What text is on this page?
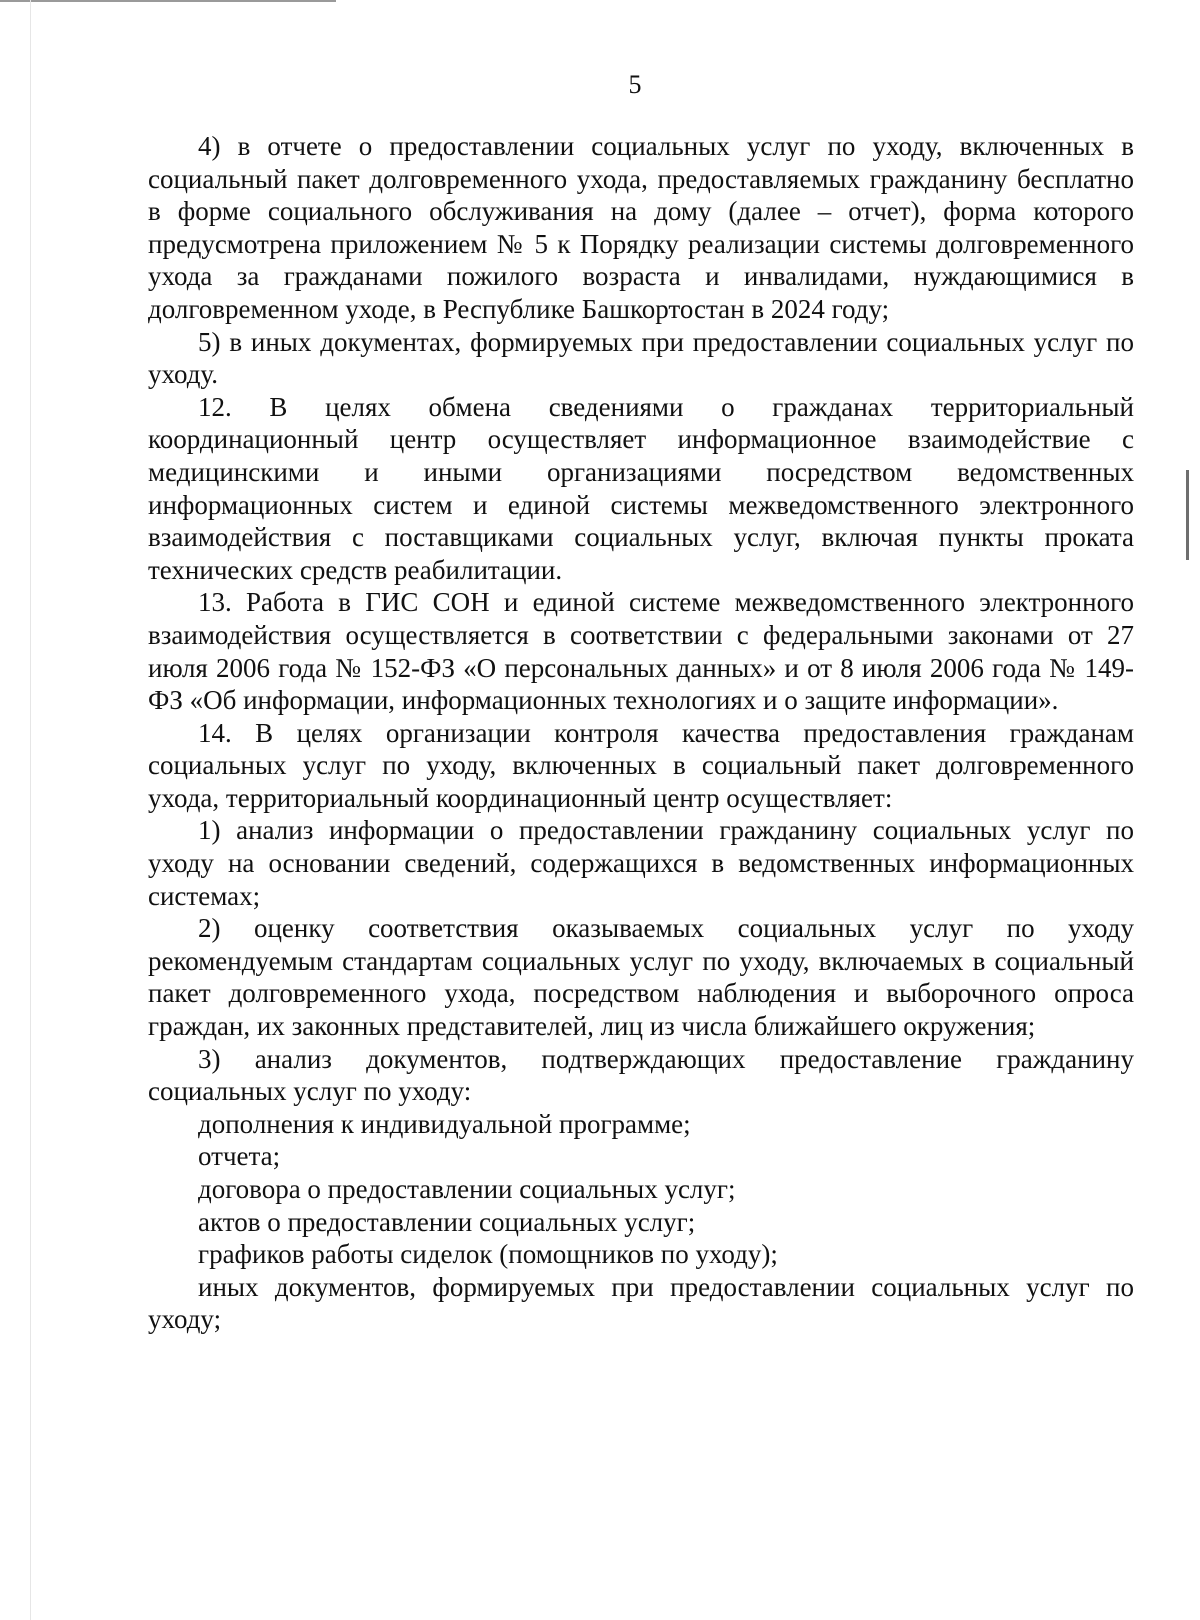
5

4) в отчете о предоставлении социальных услуг по уходу, включенных в социальный пакет долговременного ухода, предоставляемых гражданину бесплатно в форме социального обслуживания на дому (далее – отчет), форма которого предусмотрена приложением № 5 к Порядку реализации системы долговременного ухода за гражданами пожилого возраста и инвалидами, нуждающимися в долговременном уходе, в Республике Башкортостан в 2024 году;

5) в иных документах, формируемых при предоставлении социальных услуг по уходу.

12. В целях обмена сведениями о гражданах территориальный координационный центр осуществляет информационное взаимодействие с медицинскими и иными организациями посредством ведомственных информационных систем и единой системы межведомственного электронного взаимодействия с поставщиками социальных услуг, включая пункты проката технических средств реабилитации.

13. Работа в ГИС СОН и единой системе межведомственного электронного взаимодействия осуществляется в соответствии с федеральными законами от 27 июля 2006 года № 152-ФЗ «О персональных данных» и от 8 июля 2006 года № 149-ФЗ «Об информации, информационных технологиях и о защите информации».

14. В целях организации контроля качества предоставления гражданам социальных услуг по уходу, включенных в социальный пакет долговременного ухода, территориальный координационный центр осуществляет:

1) анализ информации о предоставлении гражданину социальных услуг по уходу на основании сведений, содержащихся в ведомственных информационных системах;

2) оценку соответствия оказываемых социальных услуг по уходу рекомендуемым стандартам социальных услуг по уходу, включаемых в социальный пакет долговременного ухода, посредством наблюдения и выборочного опроса граждан, их законных представителей, лиц из числа ближайшего окружения;

3) анализ документов, подтверждающих предоставление гражданину социальных услуг по уходу:

дополнения к индивидуальной программе;

отчета;

договора о предоставлении социальных услуг;

актов о предоставлении социальных услуг;

графиков работы сиделок (помощников по уходу);

иных документов, формируемых при предоставлении социальных услуг по уходу;
